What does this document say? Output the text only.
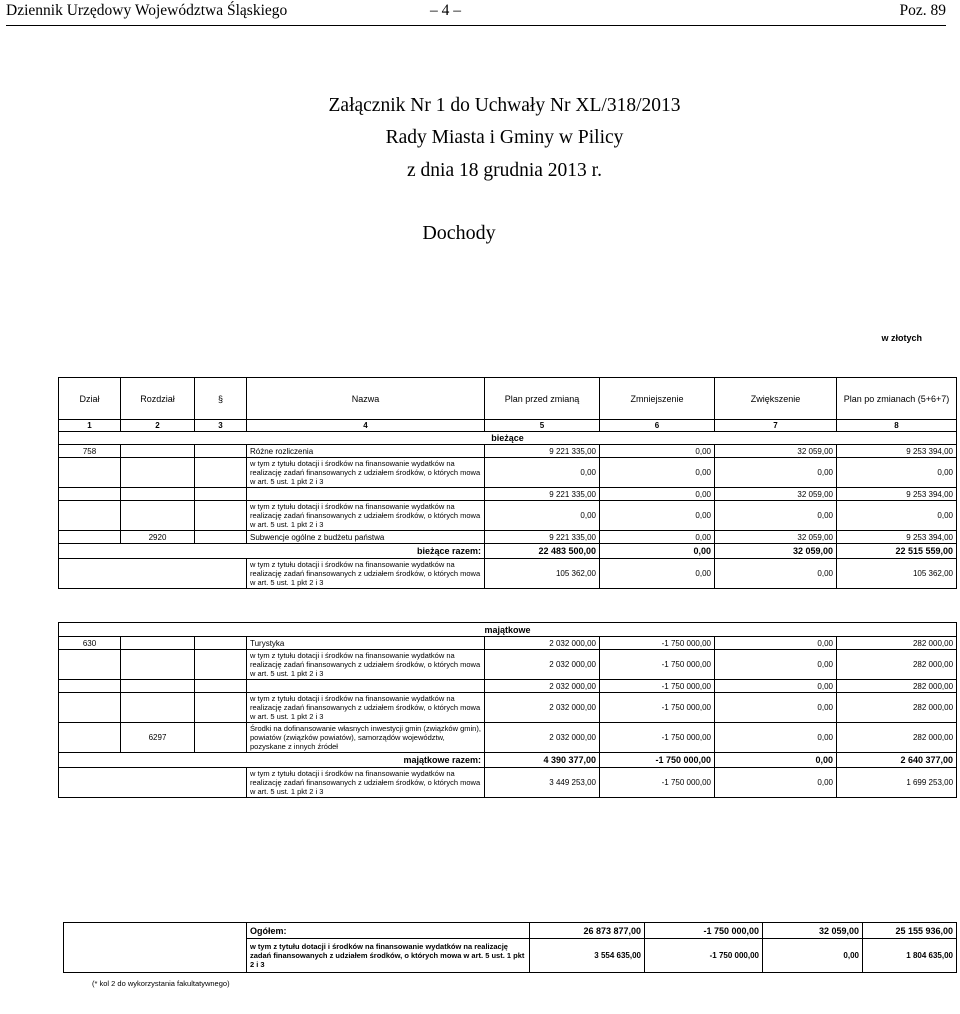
Dziennik Urzędowy Województwa Śląskiego	– 4 –	Poz. 89
Załącznik Nr 1 do Uchwały Nr XL/318/2013
Rady Miasta i Gminy w Pilicy
z dnia 18 grudnia 2013 r.
Dochody
w złotych
Dział	Rozdział	§	Nazwa	Plan przed zmianą	Zmniejszenie	Zwiększenie	Plan po zmianach (5+6+7)
1	2	3	4	5	6	7	8
bieżące							
758			Różne rozliczenia	9 221 335,00	0,00	32 059,00	9 253 394,00
			w tym z tytułu dotacji i środków na finansowanie wydatków na realizację zadań finansowanych z udziałem środków, o których mowa w art. 5 ust. 1 pkt 2 i 3	0,00	0,00	0,00	0,00
				9 221 335,00	0,00	32 059,00	9 253 394,00
			w tym z tytułu dotacji i środków na finansowanie wydatków na realizację zadań finansowanych z udziałem środków, o których mowa w art. 5 ust. 1 pkt 2 i 3	0,00	0,00	0,00	0,00
	2920		Subwencje ogólne z budżetu państwa	9 221 335,00	0,00	32 059,00	9 253 394,00
bieżące razem:				22 483 500,00	0,00	32 059,00	22 515 559,00
			w tym z tytułu dotacji i środków na finansowanie wydatków na realizację zadań finansowanych z udziałem środków, o których mowa w art. 5 ust. 1 pkt 2 i 3	105 362,00	0,00	0,00	105 362,00
majątkowe							
630			Turystyka	2 032 000,00	-1 750 000,00	0,00	282 000,00
			w tym z tytułu dotacji i środków na finansowanie wydatków na realizację zadań finansowanych z udziałem środków, o których mowa w art. 5 ust. 1 pkt 2 i 3	2 032 000,00	-1 750 000,00	0,00	282 000,00
				2 032 000,00	-1 750 000,00	0,00	282 000,00
			w tym z tytułu dotacji i środków na finansowanie wydatków na realizację zadań finansowanych z udziałem środków, o których mowa w art. 5 ust. 1 pkt 2 i 3	2 032 000,00	-1 750 000,00	0,00	282 000,00
	6297		Środki na dofinansowanie własnych inwestycji gmin (związków gmin), powiatów (związków powiatów), samorządów województw, pozyskane z innych źródeł	2 032 000,00	-1 750 000,00	0,00	282 000,00
majątkowe razem:				4 390 377,00	-1 750 000,00	0,00	2 640 377,00
			w tym z tytułu dotacji i środków na finansowanie wydatków na realizację zadań finansowanych z udziałem środków, o których mowa w art. 5 ust. 1 pkt 2 i 3	3 449 253,00	-1 750 000,00	0,00	1 699 253,00
	Ogółem:	26 873 877,00	-1 750 000,00	32 059,00	25 155 936,00
	w tym z tytułu dotacji i środków na finansowanie wydatków na realizację zadań finansowanych z udziałem środków, o których mowa w art. 5 ust. 1 pkt 2 i 3	3 554 635,00	-1 750 000,00	0,00	1 804 635,00
(* kol 2 do wykorzystania fakultatywnego)
